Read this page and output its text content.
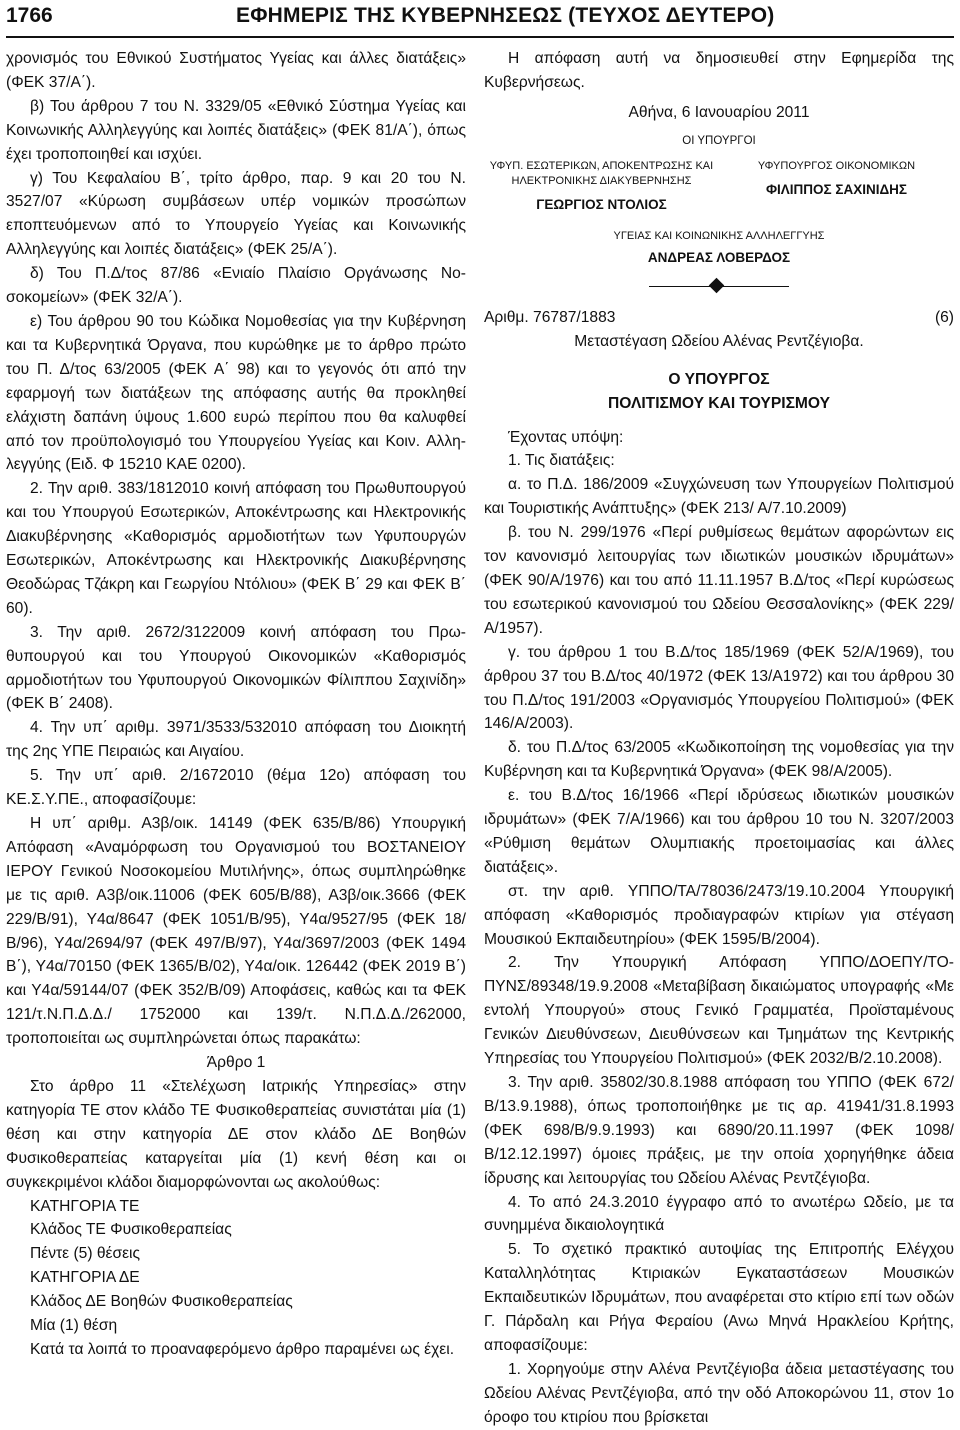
1766	ΕΦΗΜΕΡΙΣ ΤΗΣ ΚΥΒΕΡΝΗΣΕΩΣ (ΤΕΥΧΟΣ ΔΕΥΤΕΡΟ)

χρονισμός του Εθνικού Συστήματος Υγείας και άλλες διατάξεις» (ΦΕΚ 37/Α΄).

β) Του άρθρου 7 του Ν. 3329/05 «Εθνικό Σύστημα Υγείας και Κοινωνικής Αλληλεγγύης και λοιπές διατάξεις» (ΦΕΚ 81/Α΄), όπως έχει τροποποιηθεί και ισχύει.

γ) Του Κεφαλαίου Β΄, τρίτο άρθρο, παρ. 9 και 20 του Ν. 3527/07 «Κύρωση συμβάσεων υπέρ νομικών προσώπων εποπτευόμενων από το Υπουργείο Υγείας και Κοινωνικής Αλληλεγγύης και λοιπές διατάξεις» (ΦΕΚ 25/Α΄).

δ) Του Π.Δ/τος 87/86 «Ενιαίο Πλαίσιο Οργάνωσης Νοσοκομείων» (ΦΕΚ 32/Α΄).

ε) Του άρθρου 90 του Κώδικα Νομοθεσίας για την Κυβέρνηση και τα Κυβερνητικά Όργανα, που κυρώθηκε με το άρθρο πρώτο του Π. Δ/τος 63/2005 (ΦΕΚ Α΄ 98) και το γεγονός ότι από την εφαρμογή των διατάξεων της απόφασης αυτής θα προκληθεί ελάχιστη δαπάνη ύψους 1.600 ευρώ περίπου που θα καλυφθεί από τον προϋπολογισμό του Υπουργείου Υγείας και Κοιν. Αλληλεγγύης (Ειδ. Φ 15210 ΚΑΕ 0200).

2. Την αριθ. 383/1812010 κοινή απόφαση του Πρωθυπουργού και του Υπουργού Εσωτερικών, Αποκέντρωσης και Ηλεκτρονικής Διακυβέρνησης «Καθορισμός αρμοδιοτήτων των Υφυπουργών Εσωτερικών, Αποκέντρωσης και Ηλεκτρονικής Διακυβέρνησης Θεοδώρας Τζάκρη και Γεωργίου Ντόλιου» (ΦΕΚ Β΄ 29 και ΦΕΚ Β΄ 60).

3. Την αριθ. 2672/3122009 κοινή απόφαση του Πρωθυπουργού και του Υπουργού Οικονομικών «Καθορισμός αρμοδιοτήτων του Υφυπουργού Οικονομικών Φίλιππου Σαχινίδη» (ΦΕΚ Β΄ 2408).

4. Την υπ΄ αριθμ. 3971/3533/532010 απόφαση του Διοικητή της 2ης ΥΠΕ Πειραιώς και Αιγαίου.

5. Την υπ΄ αριθ. 2/1672010 (θέμα 12ο) απόφαση του ΚΕ.Σ.Υ.ΠΕ., αποφασίζουμε:

Η υπ΄ αριθμ. Α3β/οικ. 14149 (ΦΕΚ 635/Β/86) Υπουργική Απόφαση «Αναμόρφωση του Οργανισμού του ΒΟΣΤΑΝΕΙΟΥ ΙΕΡΟΥ Γενικού Νοσοκομείου Μυτιλήνης», όπως συμπληρώθηκε με τις αριθ. Α3β/οικ.11006 (ΦΕΚ 605/Β/88), Α3β/οικ.3666 (ΦΕΚ 229/Β/91), Υ4α/8647 (ΦΕΚ 1051/Β/95), Υ4α/9527/95 (ΦΕΚ 18/Β/96), Υ4α/2694/97 (ΦΕΚ 497/Β/97), Υ4α/3697/2003 (ΦΕΚ 1494 Β΄), Υ4α/70150 (ΦΕΚ 1365/Β/02), Υ4α/οικ. 126442 (ΦΕΚ 2019 Β΄) και Υ4α/59144/07 (ΦΕΚ 352/Β/09) Αποφάσεις, καθώς και τα ΦΕΚ 121/τ.Ν.Π.Δ.Δ./ 1752000 και 139/τ. Ν.Π.Δ.Δ./262000, τροποποιείται ως συμπληρώνεται όπως παρακάτω:

Άρθρο 1

Στο άρθρο 11 «Στελέχωση Ιατρικής Υπηρεσίας» στην κατηγορία ΤΕ στον κλάδο ΤΕ Φυσικοθεραπείας συνιστάται μία (1) θέση και στην κατηγορία ΔΕ στον κλάδο ΔΕ Βοηθών Φυσικοθεραπείας καταργείται μία (1) κενή θέση και οι συγκεκριμένοι κλάδοι διαμορφώνονται ως ακολούθως:

ΚΑΤΗΓΟΡΙΑ ΤΕ

Κλάδος ΤΕ Φυσικοθεραπείας

Πέντε (5) θέσεις

ΚΑΤΗΓΟΡΙΑ ΔΕ

Κλάδος ΔΕ Βοηθών Φυσικοθεραπείας

Μία (1) θέση

Κατά τα λοιπά το προαναφερόμενο άρθρο παραμένει ως έχει.

Η απόφαση αυτή να δημοσιευθεί στην Εφημερίδα της Κυβερνήσεως.

Αθήνα, 6 Ιανουαρίου 2011
ΟΙ ΥΠΟΥΡΓΟΙ
ΥΦΥΠ. ΕΣΩΤΕΡΙΚΩΝ, ΑΠΟΚΕΝΤΡΩΣΗΣ ΚΑΙ ΗΛΕΚΤΡΟΝΙΚΗΣ ΔΙΑΚΥΒΕΡΝΗΣΗΣ
ΓΕΩΡΓΙΟΣ ΝΤΟΛΙΟΣ
ΥΦΥΠΟΥΡΓΟΣ ΟΙΚΟΝΟΜΙΚΩΝ
ΦΙΛΙΠΠΟΣ ΣΑΧΙΝΙΔΗΣ
ΥΓΕΙΑΣ ΚΑΙ ΚΟΙΝΩΝΙΚΗΣ ΑΛΛΗΛΕΓΓΥΗΣ
ΑΝΔΡΕΑΣ ΛΟΒΕΡΔΟΣ
Αριθμ. 76787/1883	(6)

Μεταστέγαση Ωδείου Αλένας Ρεντζέγιοβα.

Ο ΥΠΟΥΡΓΟΣ
ΠΟΛΙΤΙΣΜΟΥ ΚΑΙ ΤΟΥΡΙΣΜΟΥ

Έχοντας υπόψη:

1. Τις διατάξεις:

α. το Π.Δ. 186/2009 «Συγχώνευση των Υπουργείων Πολιτισμού και Τουριστικής Ανάπτυξης» (ΦΕΚ 213/ Α/7.10.2009)

β. του Ν. 299/1976 «Περί ρυθμίσεως θεμάτων αφορώντων εις τον κανονισμό λειτουργίας των ιδιωτικών μουσικών ιδρυμάτων» (ΦΕΚ 90/Α/1976) και του από 11.11.1957 Β.Δ/τος «Περί κυρώσεως του εσωτερικού κανονισμού του Ωδείου Θεσσαλονίκης» (ΦΕΚ 229/Α/1957).

γ. του άρθρου 1 του Β.Δ/τος 185/1969 (ΦΕΚ 52/Α/1969), του άρθρου 37 του Β.Δ/τος 40/1972 (ΦΕΚ 13/Α1972) και του άρθρου 30 του Π.Δ/τος 191/2003 «Οργανισμός Υπουργείου Πολιτισμού» (ΦΕΚ 146/Α/2003).

δ. του Π.Δ/τος 63/2005 «Κωδικοποίηση της νομοθεσίας για την Κυβέρνηση και τα Κυβερνητικά Όργανα» (ΦΕΚ 98/Α/2005).

ε. του Β.Δ/τος 16/1966 «Περί ιδρύσεως ιδιωτικών μουσικών ιδρυμάτων» (ΦΕΚ 7/Α/1966) και του άρθρου 10 του Ν. 3207/2003 «Ρύθμιση θεμάτων Ολυμπιακής προετοιμασίας και άλλες διατάξεις».

στ. την αριθ. ΥΠΠΟ/ΤΑ/78036/2473/19.10.2004 Υπουργική απόφαση «Καθορισμός προδιαγραφών κτιρίων για στέγαση Μουσικού Εκπαιδευτηρίου» (ΦΕΚ 1595/Β/2004).

2. Την Υπουργική Απόφαση ΥΠΠΟ/ΔΟΕΠΥ/ΤΟΠΥΝΣ/89348/19.9.2008 «Μεταβίβαση δικαιώματος υπογραφής «Με εντολή Υπουργού» στους Γενικό Γραμματέα, Προϊσταμένους Γενικών Διευθύνσεων, Διευθύνσεων και Τμημάτων της Κεντρικής Υπηρεσίας του Υπουργείου Πολιτισμού» (ΦΕΚ 2032/Β/2.10.2008).

3. Την αριθ. 35802/30.8.1988 απόφαση του ΥΠΠΟ (ΦΕΚ 672/Β/13.9.1988), όπως τροποποιήθηκε με τις αρ. 41941/31.8.1993 (ΦΕΚ 698/Β/9.9.1993) και 6890/20.11.1997 (ΦΕΚ 1098/Β/12.12.1997) όμοιες πράξεις, με την οποία χορηγήθηκε άδεια ίδρυσης και λειτουργίας του Ωδείου Αλένας Ρεντζέγιοβα.

4. Το από 24.3.2010 έγγραφο από το ανωτέρω Ωδείο, με τα συνημμένα δικαιολογητικά

5. Το σχετικό πρακτικό αυτοψίας της Επιτροπής Ελέγχου Καταλληλότητας Κτιριακών Εγκαταστάσεων Μουσικών Εκπαιδευτικών Ιδρυμάτων, που αναφέρεται στο κτίριο επί των οδών Γ. Πάρδαλη και Ρήγα Φεραίου (Ανω Μηνά Ηρακλείου Κρήτης, αποφασίζουμε:

1. Χορηγούμε στην Αλένα Ρεντζέγιοβα άδεια μεταστέγασης του Ωδείου Αλένας Ρεντζέγιοβα, από την οδό Αποκορώνου 11, στον 1ο όροφο του κτιρίου που βρίσκεται
